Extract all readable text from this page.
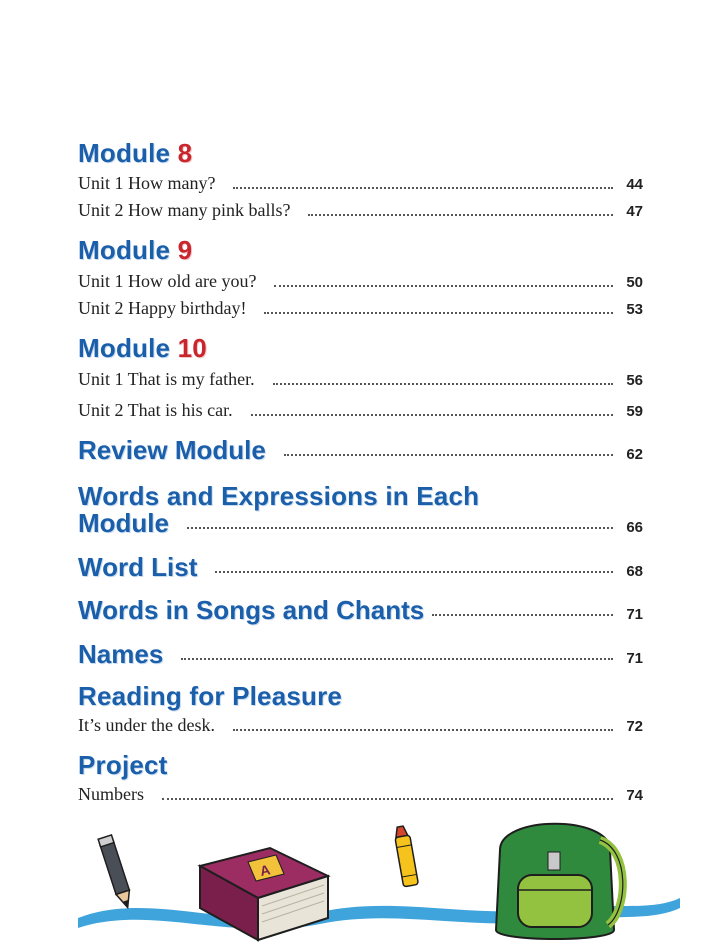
Module 8
Unit 1 How many?	44
Unit 2 How many pink balls?	47
Module 9
Unit 1 How old are you?	50
Unit 2 Happy birthday!	53
Module 10
Unit 1 That is my father.	56
Unit 2 That is his car.	59
Review Module	62
Words and Expressions in Each
Module	66
Word List	68
Words in Songs and Chants	71
Names	71
Reading for Pleasure
It’s under the desk.	72
Project
Numbers	74
A
